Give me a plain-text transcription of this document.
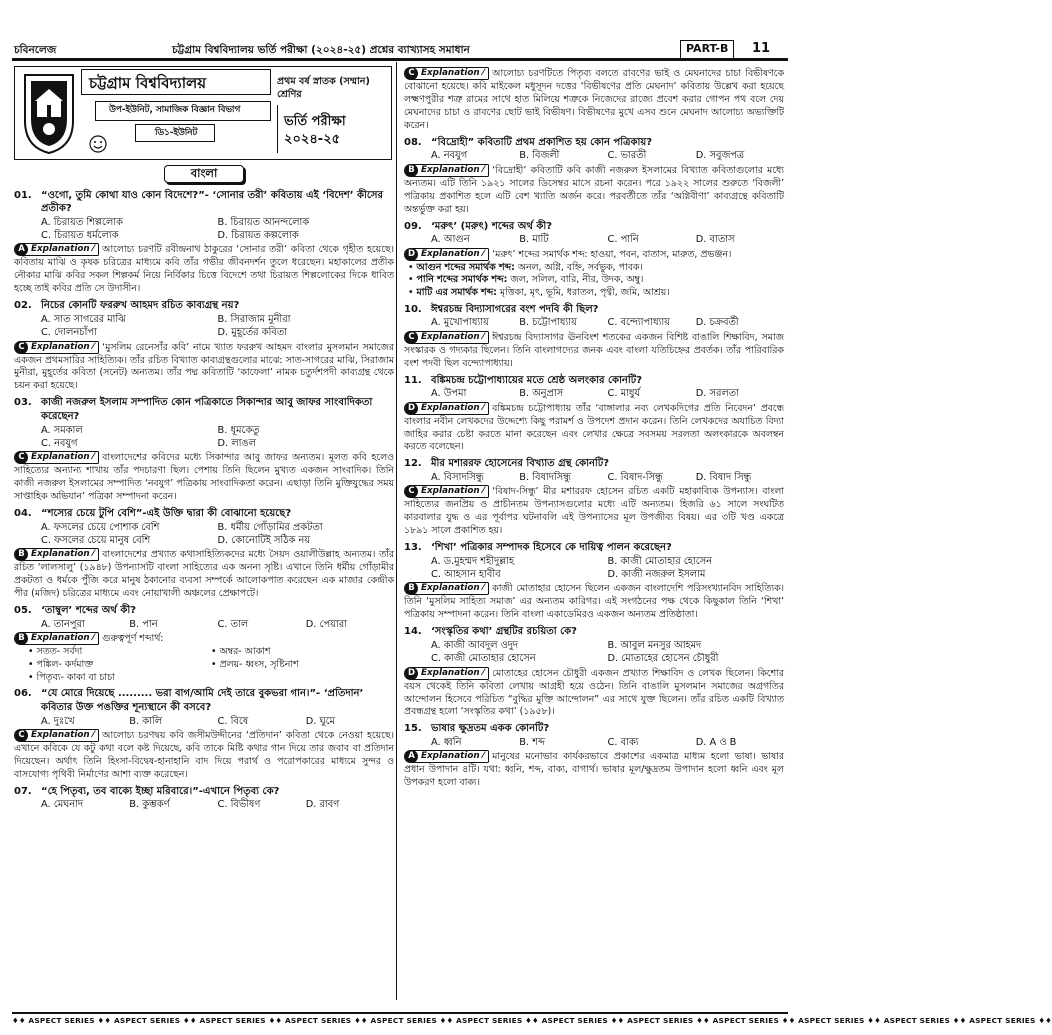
চবিনলেজ	চট্টগ্রাম বিশ্ববিদ্যালয় ভর্তি পরীক্ষা (২০২৪-২৫) প্রশ্নের ব্যাখ্যাসহ সমাধান	PART-B	11
চট্টগ্রাম বিশ্ববিদ্যালয়	প্রথম বর্ষ স্নাতক (সম্মান) শ্রেণির
উপ-ইউনিট, সামাজিক বিজ্ঞান বিভাগ
ডি১-ইউনিট
ভর্তি পরীক্ষা ২০২৪-২৫
বাংলা
01. “ওগো, তুমি কোথা যাও কোন বিদেশে?”- ‘সোনার তরী’ কবিতায় এই ‘বিদেশ’ কীসের প্রতীক?
A. চিরায়ত শিল্পলোক	B. চিরায়ত আনন্দলোক
C. চিরায়ত ধর্মলোক	D. চিরায়ত কল্পলোক
A Explanation ⁄ আলোচ্য চরণটি রবীন্দ্রনাথ ঠাকুরের ‘সোনার তরী’ কবিতা থেকে গৃহীত হয়েছে। কবিতায় মাঝি ও কৃষক চরিত্রের মাধ্যমে কবি তাঁর গভীর জীবনদর্শন তুলে ধরেছেন। মহাকালের প্রতীক নৌকার মাঝি কবির সকল শিল্পকর্ম নিয়ে নির্বিকার চিত্তে বিদেশে তথা চিরায়ত শিল্পলোকের দিকে ধাবিত হচ্ছে তাই কবির প্রতি সে উদাসীন।
02. নিচের কোনটি ফররুখ আহমদ রচিত কাব্যগ্রন্থ নয়?
A. সাত সাগরের মাঝি	B. সিরাজাম মুনীরা
C. দোলনচাঁপা	D. মুহূর্তের কবিতা
C Explanation ⁄ ‘মুসলিম রেনেসাঁর কবি’ নামে খ্যাত ফররুখ আহমদ বাংলার মুসলমান সমাজের একজন প্রথমসারির সাহিত্যিক। তাঁর রচিত বিখ্যাত কাব্যগ্রন্থগুলোর মাঝে: সাত-সাগরের মাঝি, সিরাজাম মুনীরা, মুহূর্তের কবিতা (সনেট) অন্যতম। তাঁর পদ্ম কবিতাটি ‘কাফেলা’ নামক চতুর্দশপদী কাব্যগ্রন্থ থেকে চয়ন করা হয়েছে।
03. কাজী নজরুল ইসলাম সম্পাদিত কোন পত্রিকাতে সিকান্দার আবু জাফর সাংবাদিকতা করেছেন?
A. সমকাল	B. ধূমকেতু
C. নবযুগ	D. লাঙল
C Explanation ⁄ বাংলাদেশের কবিদের মধ্যে সিকান্দার আবু জাফর অন্যতম। মূলত কবি হলেও সাহিত্যের অন্যান্য শাখায় তাঁর পদচারণা ছিল। পেশায় তিনি ছিলেন মুখ্যত একজন সাংবাদিক। তিনি কাজী নজরুল ইসলামের সম্পাদিত ‘নবযুগ’ পত্রিকায় সাংবাদিকতা করেন। এছাড়া তিনি মুক্তিযুদ্ধের সময় সাপ্তাহিক অভিযান’ পত্রিকা সম্পাদনা করেন।
04. “শস্যের চেয়ে টুপি বেশি”-এই উক্তি দ্বারা কী বোঝানো হয়েছে?
A. ফসলের চেয়ে পোশাক বেশি	B. ধর্মীয় গোঁড়ামির প্রকটতা
C. ফসলের চেয়ে মানুষ বেশি	D. কোনোটিই সঠিক নয়
B Explanation ⁄ বাংলাদেশের প্রখ্যাত কথাসাহিত্যিকদের মধ্যে সৈয়দ ওয়ালীউল্লাহ অন্যতম। তাঁর রচিত ‘লালসালু’ (১৯৪৮) উপন্যাসটি বাংলা সাহিত্যের এক অনন্য সৃষ্টি। এখানে তিনি ধর্মীয় গোঁড়ামীর প্রকটতা ও ধর্মকে পুঁজি করে মানুষ ঠকানোর ব্যবসা সম্পর্কে আলোকপাত করেছেন এক মাজার কেন্দ্রীক পীর (মজিদ) চরিত্রের মাধ্যমে এবং নোয়াখালী অঞ্চলের প্রেক্ষাপটে।
05. ‘তাম্বুল’ শব্দের অর্থ কী?
A. তানপুরা	B. পান	C. তাল	D. পেয়ারা
B Explanation ⁄ গুরুত্বপূর্ণ শব্দার্থ:
• সতত- সর্বদা	• অম্বর- আকাশ
• পঙ্কিল- কর্দমাক্ত	• প্রলয়- ধ্বংস, সৃষ্টিনাশ
• পিতৃব্য- কাকা বা চাচা
06. “যে মোরে দিয়েছে ......... ভরা বাগ/আমি দেই তারে বুকভরা গান।”- ‘প্রতিদান’ কবিতার উক্ত পঙক্তির শূন্যস্থানে কী বসবে?
A. দুঃখে	B. কালি	C. বিষে	D. ঘুমে
C Explanation ⁄ আলোচ্য চরণদ্বয় কবি জসীমউদ্দীনের ‘প্রতিদান’ কবিতা থেকে নেওয়া হয়েছে। এখানে কবিকে যে কটু কথা বলে কষ্ট দিয়েছে, কবি তাকে মিষ্টি কথার গান দিয়ে তার জবাব বা প্রতিদান দিয়েছেন। অর্থাৎ তিনি হিংসা-বিদ্বেষ-হানাহানি বাদ দিয়ে পরার্থ ও পরোপকারের মাধ্যমে সুন্দর ও বাসযোগ্য পৃথিবী নির্মাণের আশা ব্যক্ত করেছেন।
07. “হে পিতৃব্য, তব বাক্যে ইচ্ছা মরিবারে।”-এখানে পিতৃব্য কে?
A. মেঘনাদ	B. কুম্ভকর্ণ	C. বিভীষণ	D. রাবণ
C Explanation ⁄ আলোচ্য চরণটিতে পিতৃব্য বলতে রাবণের ভাই ও মেঘনাদের চাচা বিভীষণকে বোঝানো হয়েছে। কবি মাইকেল মধুসূদন দত্তের ‘বিভীষণের প্রতি মেঘনাদ’ কবিতায় উল্লেখ করা হয়েছে লক্ষ্মণপুরীর শত্রু রামের সাথে হাত মিলিয়ে শত্রুকে নিজেদের রাজ্যে প্রবেশ করার গোপন পথ বলে দেয় মেঘনাদের চাচা ও রাবণের ছোট ভাই বিভীষণ। বিভীষণের মুখে এসব শুনে মেঘনাদ আলোচ্য অভ্যক্তিটি করেন।
08. “বিদ্রোহী” কবিতাটি প্রথম প্রকাশিত হয় কোন পত্রিকায়?
A. নবযুগ	B. বিজলী	C. ভারতী	D. সবুজপত্র
B Explanation ⁄ ‘বিদ্রোহী’ কবিতাটি কবি কাজী নজরুল ইসলামের বিখ্যাত কবিতাগুলোর মধ্যে অন্যতম। এটি তিনি ১৯২১ সালের ডিসেম্বর মাসে রচনা করেন। পরে ১৯২২ সালের শুরুতে ‘বিজলী’ পত্রিকায় প্রকাশিত হলে এটি বেশ খ্যাতি অর্জন করে। পরবর্তীতে তাঁর ‘অগ্নিবীণা’ কাব্যগ্রন্থে কবিতাটি অন্তর্ভুক্ত করা হয়।
09. ‘মরুৎ’ (মরুৎ) শব্দের অর্থ কী?
A. আগুন	B. মাটি	C. পানি	D. বাতাস
D Explanation ⁄ ‘মরুৎ’ শব্দের সমার্থক শব্দ: হাওয়া, পবন, বাতাস, মারুত, প্রভঞ্জন।
• আগুন শব্দের সমার্থক শব্দ: অনল, অগ্নি, বহ্নি, সর্বভুক, পাবক।
• পানি শব্দের সমার্থক শব্দ: জল, সলিল, বারি, নীর, উদক, অম্বু।
• মাটি এর সমার্থক শব্দ: মৃত্তিকা, মৃৎ, ভূমি, ধরাতল, পৃথ্বী, জমি, আশ্রয়।
10. ঈশ্বরচন্দ্র বিদ্যাসাগরের বংশ পদবি কী ছিল?
A. মুখোপাধ্যায়	B. চট্টোপাধ্যায়	C. বন্দ্যোপাধ্যায়	D. চক্রবর্তী
C Explanation ⁄ ঈশ্বরচন্দ্র বিদ্যাসাগর ঊনবিংশ শতকের একজন বিশিষ্ট বাঙালি শিক্ষাবিদ, সমাজ সংস্কারক ও গদ্যকার ছিলেন। তিনি বাংলাগদ্যের জনক এবং বাংলা যতিচিহ্নের প্রবর্তক। তাঁর পারিবারিক বংশ পদবী ছিল বন্দ্যোপাধ্যায়।
11. বঙ্কিমচন্দ্র চট্টোপাধ্যায়ের মতে শ্রেষ্ঠ অলংকার কোনটি?
A. উপমা	B. অনুপ্রাস	C. মাধুর্য	D. সরলতা
D Explanation ⁄ বঙ্কিমচন্দ্র চট্টোপাধ্যায় তাঁর ‘বাঙ্গালার নব্য লেখকদিগের প্রতি নিবেদন’ প্রবন্ধে বাংলার নবীন লেখকদের উদ্দেশ্যে কিছু পরামর্শ ও উপদেশ প্রদান করেন। তিনি লেখকদের অযাচিত বিদ্যা জাহির করার চেষ্টা করতে মানা করেছেন এবং লেখার ক্ষেত্রে সবসময় সরলতা অলংকারকে অবলম্বন করতে বলেছেন।
12. মীর মশাররফ হোসেনের বিখ্যাত গ্রন্থ কোনটি?
A. বিসাদসিন্ধু	B. বিষাদসিন্ধু	C. বিষাদ-সিন্ধু	D. বিষাদ সিন্ধু
C Explanation ⁄ ‘বিষাদ-সিন্ধু’ মীর মশাররফ হোসেন রচিত একটি মহাকাব্যিক উপন্যাস। বাংলা সাহিত্যের জনপ্রিয় ও প্রাচীনতম উপন্যাসগুলোর মধ্যে এটি অন্যতম। হিজরি ৬১ সালে সংঘটিত কারবালার যুদ্ধ ও এর পূর্বাপর ঘটনাবলি এই উপন্যাসের মূল উপজীব্য বিষয়। এর ৩টি খণ্ড একত্রে ১৮৯১ সালে প্রকাশিত হয়।
13. ‘শিখা’ পত্রিকার সম্পাদক হিসেবে কে দায়িত্ব পালন করেছেন?
A. ড.মুহম্মদ শহীদুল্লাহ	B. কাজী মোতাহার হোসেন
C. আহসান হাবীব	D. কাজী নজরুল ইসলাম
B Explanation ⁄ কাজী মোতাহার হোসেন ছিলেন একজন বাংলাদেশি পরিসংখ্যানবিদ সাহিত্যিক। তিনি ‘মুসলিম সাহিত্য সমাজ’ এর অন্যতম কারিগর। এই সংগঠনের পক্ষ থেকে কিছুকাল তিনি ‘শিখা’ পত্রিকায় সম্পাদনা করেন। তিনি বাংলা একাডেমিরও একজন অন্যতম প্রতিষ্ঠাতা।
14. ‘সংস্কৃতির কথা’ গ্রন্থটির রচয়িতা কে?
A. কাজী আবদুল ওদুদ	B. আবুল মনসুর আহমদ
C. কাজী মোতাহার হোসেন	D. মোতাহের হোসেন চৌধুরী
D Explanation ⁄ মোতাহের হোসেন চৌধুরী একজন প্রখ্যাত শিক্ষাবিদ ও লেখক ছিলেন। কিশোর বয়স থেকেই তিনি কবিতা লেখায় আগ্রহী হয়ে ওঠেন। তিনি বাঙালি মুসলমান সমাজের অগ্রগতির আন্দোলন হিসেবে পরিচিত “বুদ্ধির মুক্তি আন্দোলন” এর সাথে যুক্ত ছিলেন। তাঁর রচিত একটি বিখ্যাত প্রবন্ধগ্রন্থ হলো ‘সংস্কৃতির কথা’ (১৯৫৮)।
15. ভাষার ক্ষুদ্রতম একক কোনটি?
A. ধ্বনি	B. শব্দ	C. বাক্য	D. A ও B
A Explanation ⁄ মানুষের মনোভাব কার্যকরভাবে প্রকাশের একমাত্র মাধ্যম হলো ভাষা। ভাষার প্রধান উপাদান ৪টি। যথা: ধ্বনি, শব্দ, বাক্য, বাগার্থ। ভাষার মূল/ক্ষুদ্রতম উপাদান হলো ধ্বনি এবং মূল উপকরণ হলো বাক্য।
♦♦ ASPECT SERIES ♦♦ ASPECT SERIES ♦♦ ASPECT SERIES ♦♦ ASPECT SERIES ♦♦ ASPECT SERIES ♦♦ ASPECT SERIES ♦♦ ASPECT SERIES ♦♦ ASPECT SERIES ♦♦ ASPECT SERIES ♦♦ ASPECT SERIES ♦♦ ASPECT SERIES ♦♦ ASPECT SERIES ♦♦
